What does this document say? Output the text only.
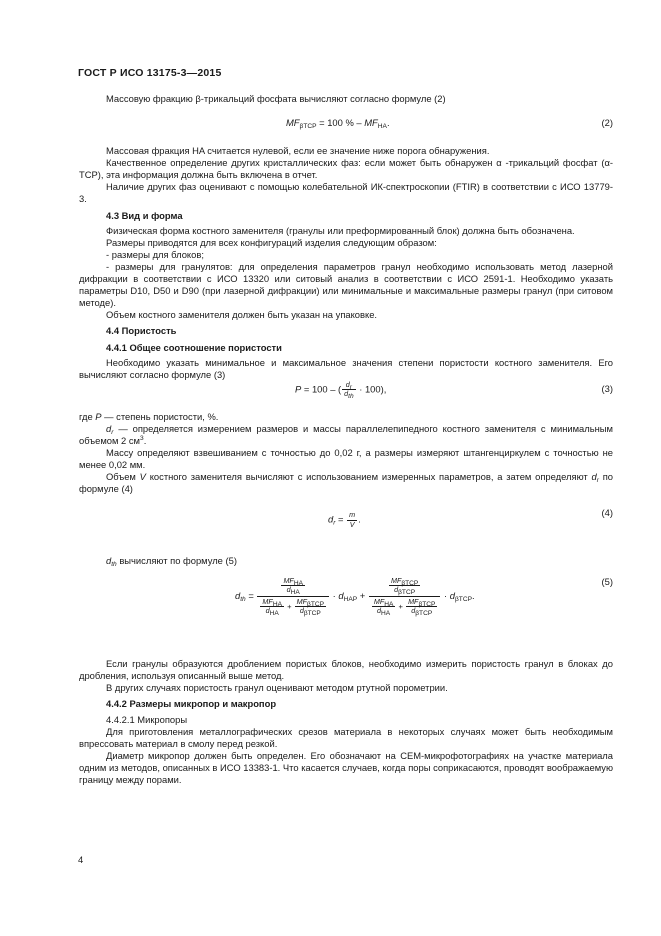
ГОСТ Р ИСО 13175-3—2015

Массовую фракцию β-трикальций фосфата вычисляют согласно формуле (2)

$MF_{\beta TCP} = 100$ % – $MF_{HA}$.	(2)

Массовая фракция HA считается нулевой, если ее значение ниже порога обнаружения.

Качественное определение других кристаллических фаз: если может быть обнаружен α -трикальций фосфат (α-TCP), эта информация должна быть включена в отчет.

Наличие других фаз оценивают с помощью колебательной ИК-спектроскопии (FTIR) в соответствии с ИСО 13779-3.

4.3 Вид и форма

Физическая форма костного заменителя (гранулы или преформированный блок) должна быть обозначена.

Размеры приводятся для всех конфигураций изделия следующим образом:

- размеры для блоков;

- размеры для гранулятов: для определения параметров гранул необходимо использовать метод лазерной дифракции в соответствии с ИСО 13320 или ситовый анализ в соответствии с ИСО 2591-1. Необходимо указать параметры D10, D50 и D90 (при лазерной дифракции) или минимальные и максимальные размеры гранул (при ситовом методе).

Объем костного заменителя должен быть указан на упаковке.

4.4 Пористость

4.4.1 Общее соотношение пористости

Необходимо указать минимальное и максимальное значения степени пористости костного заменителя. Его вычисляют согласно формуле (3)

P = 100 – ( $\frac{d_r}{d_{th}} \cdot 100$),	(3)

где P — степень пористости, %.

$d_r$ — определяется измерением размеров и массы параллелепипедного костного заменителя с минимальным объемом 2 $см^3$.

Массу определяют взвешиванием с точностью до 0,02 г, а размеры измеряют штангенциркулем с точностью не менее 0,02 мм.

Объем V костного заменителя вычисляют с использованием измеренных параметров, а затем определяют $d_r$ по формуле (4)

$d_r = \frac{m}{V}$ .
(4)

$d_{th}$ вычисляют по формуле (5)

$d_{th} = \frac{\frac{MF_{HA}}{d_{HA}}}{\frac{MF_{HA}}{d_{HA}} + \frac{MF_{\beta TCP}}{d_{\beta TCP}}} \cdot d_{HAP} + \frac{\frac{MF_{\beta TCP}}{d_{\beta TCP}}}{\frac{MF_{HA}}{d_{HA}} + \frac{MF_{\beta TCP}}{d_{\beta TCP}}} \cdot d_{\beta TCP}$.
(5)

Если гранулы образуются дроблением пористых блоков, необходимо измерить пористость гранул в блоках до дробления, используя описанный выше метод.

В других случаях пористость гранул оценивают методом ртутной порометрии.

4.4.2 Размеры микропор и макропор

4.4.2.1 Микропоры

Для приготовления металлографических срезов материала в некоторых случаях может быть необходимым впрессовать материал в смолу перед резкой.

Диаметр микропор должен быть определен. Его обозначают на СЕМ-микрофотографиях на участке материала одним из методов, описанных в ИСО 13383-1. Что касается случаев, когда поры соприкасаются, проводят воображаемую границу между порами.

4
